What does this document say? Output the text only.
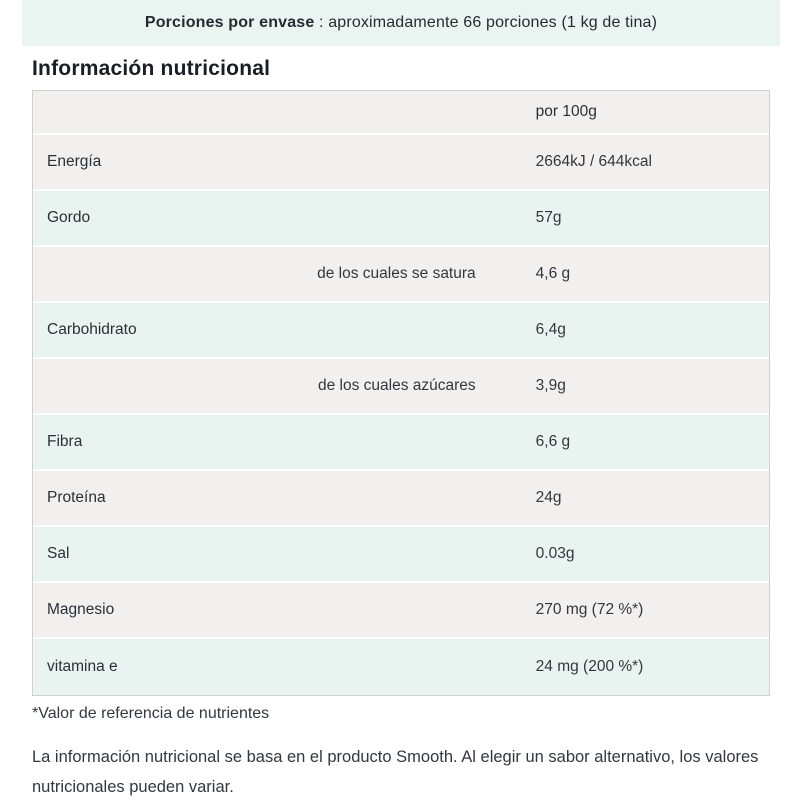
Porciones por envase : aproximadamente 66 porciones (1 kg de tina)
Información nutricional
	por 100g
Energía	2664kJ / 644kcal
Gordo	57g
de los cuales se satura	4,6 g
Carbohidrato	6,4g
de los cuales azúcares	3,9g
Fibra	6,6 g
Proteína	24g
Sal	0.03g
Magnesio	270 mg (72 %*)
vitamina e	24 mg (200 %*)

*Valor de referencia de nutrientes

La información nutricional se basa en el producto Smooth. Al elegir un sabor alternativo, los valores nutricionales pueden variar.
